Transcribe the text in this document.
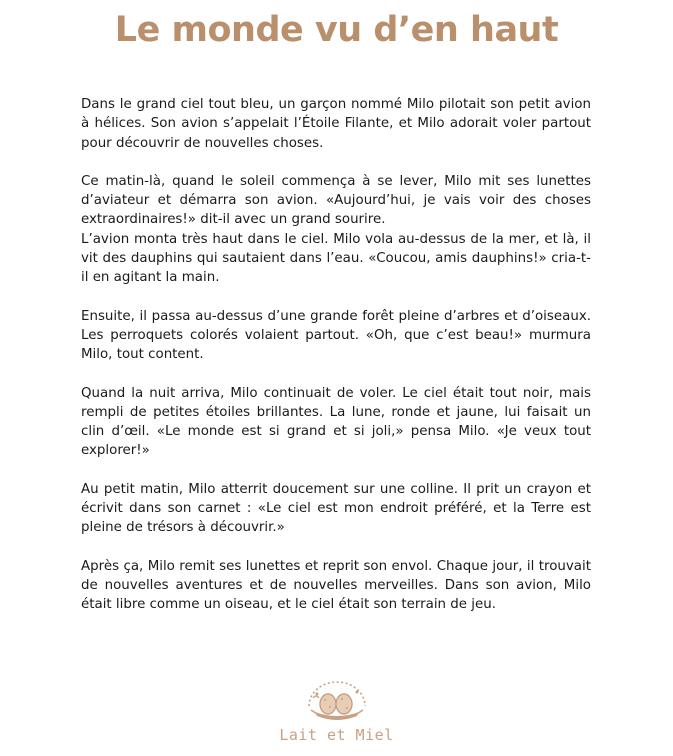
Le monde vu d’en haut

Dans le grand ciel tout bleu, un garçon nommé Milo pilotait son petit avion à hélices. Son avion s’appelait l’Étoile Filante, et Milo adorait voler partout pour découvrir de nouvelles choses.

Ce matin-là, quand le soleil commença à se lever, Milo mit ses lunettes d’aviateur et démarra son avion. «Aujourd’hui, je vais voir des choses extraordinaires!» dit-il avec un grand sourire.
L’avion monta très haut dans le ciel. Milo vola au-dessus de la mer, et là, il vit des dauphins qui sautaient dans l’eau. «Coucou, amis dauphins!» cria-t-il en agitant la main.

Ensuite, il passa au-dessus d’une grande forêt pleine d’arbres et d’oiseaux. Les perroquets colorés volaient partout. «Oh, que c’est beau!» murmura Milo, tout content.

Quand la nuit arriva, Milo continuait de voler. Le ciel était tout noir, mais rempli de petites étoiles brillantes. La lune, ronde et jaune, lui faisait un clin d’œil. «Le monde est si grand et si joli,» pensa Milo. «Je veux tout explorer!»

Au petit matin, Milo atterrit doucement sur une colline. Il prit un crayon et écrivit dans son carnet : «Le ciel est mon endroit préféré, et la Terre est pleine de trésors à découvrir.»

Après ça, Milo remit ses lunettes et reprit son envol. Chaque jour, il trouvait de nouvelles aventures et de nouvelles merveilles. Dans son avion, Milo était libre comme un oiseau, et le ciel était son terrain de jeu.

Lait et Miel
